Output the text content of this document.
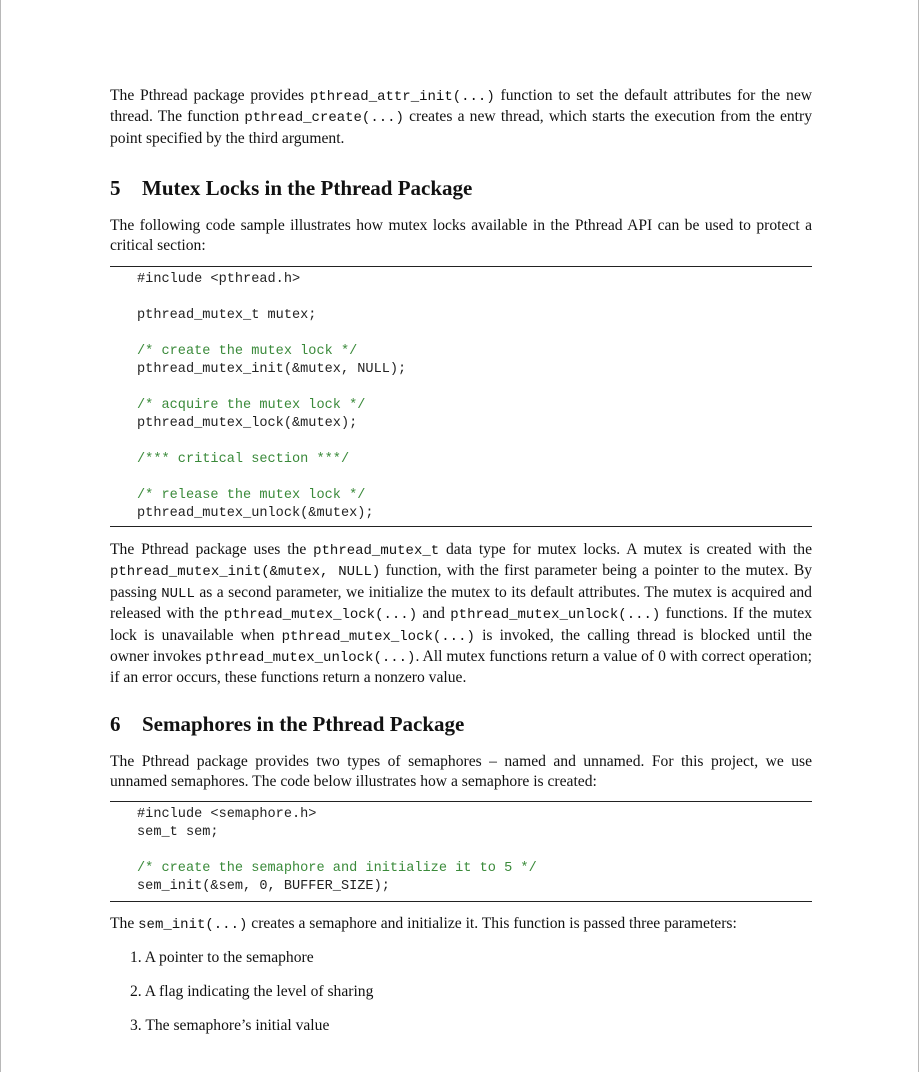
The Pthread package provides pthread_attr_init(...) function to set the default attributes for the new thread. The function pthread_create(...) creates a new thread, which starts the execution from the entry point specified by the third argument.

5 Mutex Locks in the Pthread Package

The following code sample illustrates how mutex locks available in the Pthread API can be used to protect a critical section:

#include <pthread.h>
pthread_mutex_t mutex;
/* create the mutex lock */
pthread_mutex_init(&mutex, NULL);
/* acquire the mutex lock */
pthread_mutex_lock(&mutex);
/*** critical section ***/
/* release the mutex lock */
pthread_mutex_unlock(&mutex);

The Pthread package uses the pthread_mutex_t data type for mutex locks. A mutex is created with the pthread_mutex_init(&mutex, NULL) function, with the first parameter being a pointer to the mutex. By passing NULL as a second parameter, we initialize the mutex to its default attributes. The mutex is acquired and released with the pthread_mutex_lock(...) and pthread_mutex_unlock(...) functions. If the mutex lock is unavailable when pthread_mutex_lock(...) is invoked, the calling thread is blocked until the owner invokes pthread_mutex_unlock(...). All mutex functions return a value of 0 with correct operation; if an error occurs, these functions return a nonzero value.

6 Semaphores in the Pthread Package

The Pthread package provides two types of semaphores – named and unnamed. For this project, we use unnamed semaphores. The code below illustrates how a semaphore is created:

#include <semaphore.h>
sem_t sem;
/* create the semaphore and initialize it to 5 */
sem_init(&sem, 0, BUFFER_SIZE);

The sem_init(...) creates a semaphore and initialize it. This function is passed three parameters:

1. A pointer to the semaphore
2. A flag indicating the level of sharing
3. The semaphore’s initial value
